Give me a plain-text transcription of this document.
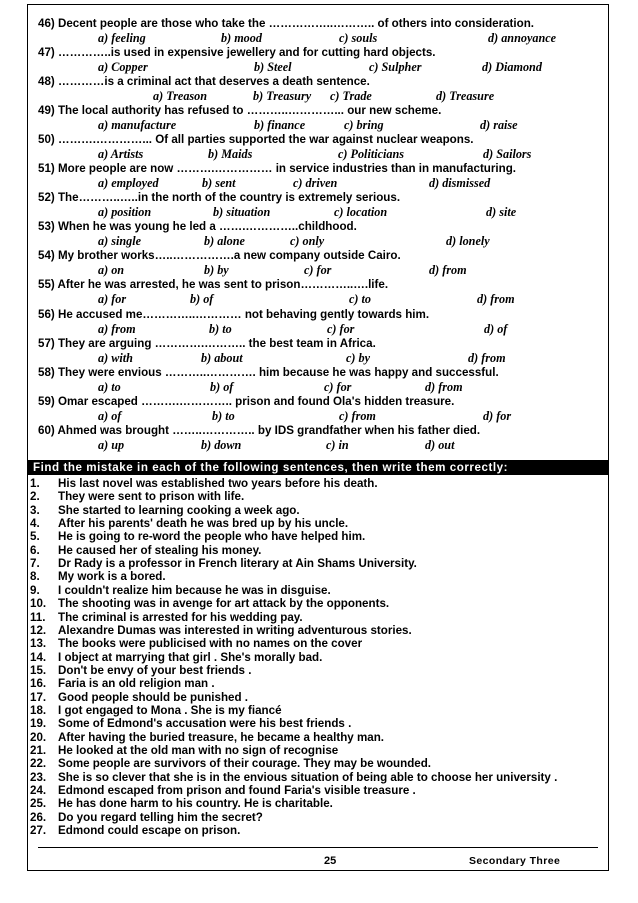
46) Decent people are those who take the ……………..……….. of others into consideration.
a) feeling	b) mood	c) souls	d) annoyance
47) …………..is used in expensive jewellery and for cutting hard objects.
a) Copper	b) Steel	c) Sulpher	d) Diamond
48) …………is a criminal act that deserves a death sentence.
a) Treason	b) Treasury c) Trade	d) Treasure
49) The local authority has refused to ………..…………... our new scheme.
a) manufacture	b) finance	c) bring	d) raise
50) ……….…………... Of all parties supported the war against nuclear weapons.
a) Artists	b) Maids	c) Politicians	d) Sailors
51) More people are now ……….…………… in service industries than in manufacturing.
a) employed	b) sent	c) driven	d) dismissed
52) The………..…..in the north of the country is extremely serious.
a) position	b) situation	c) location	d) site
53) When he was young he led a …….…………..childhood.
a) single	b) alone	c) only	d) lonely
54) My brother works…..…………….a new company outside Cairo.
a) on	b) by	c) for	d) from
55) After he was arrested, he was sent to prison…………..….life.
a) for	b) of	c) to	d) from
56) He accused me…………..………… not behaving gently towards him.
a) from	b) to	c) for	d) of
57) They are arguing ………….……….. the best team in Africa.
a) with	b) about	c) by	d) from
58) They were envious ………..…………. him because he was happy and successful.
a) to	b) of	c) for	d) from
59) Omar escaped ……….………….. prison and found Ola's hidden treasure.
a) of	b) to	c) from	d) for
60) Ahmed was brought ……..………….. by IDS grandfather when his father died.
a) up	b) down	c) in	d) out
Find the mistake in each of the following sentences, then write them correctly:
1. His last novel was established two years before his death.
2. They were sent to prison with life.
3. She started to learning cooking a week ago.
4. After his parents' death he was bred up by his uncle.
5. He is going to re-word the people who have helped him.
6. He caused her of stealing his money.
7. Dr Rady is a professor in French literary at Ain Shams University.
8. My work is a bored.
9. I couldn't realize him because he was in disguise.
10. The shooting was in avenge for art attack by the opponents.
11. The criminal is arrested for his wedding pay.
12. Alexandre Dumas was interested in writing adventurous stories.
13. The books were publicised with no names on the cover
14. I object at marrying that girl . She's morally bad.
15. Don't be envy of your best friends .
16. Faria is an old religion man .
17. Good people should be punished .
18. I got engaged to Mona . She is my fiancé
19. Some of Edmond's accusation were his best friends .
20. After having the buried treasure, he became a healthy man.
21. He looked at the old man with no sign of recognise
22. Some people are survivors of their courage. They may be wounded.
23. She is so clever that she is in the envious situation of being able to choose her university .
24. Edmond escaped from prison and found Faria's visible treasure .
25. He has done harm to his country. He is charitable.
26. Do you regard telling him the secret?
27. Edmond could escape on prison.
25	Secondary Three
